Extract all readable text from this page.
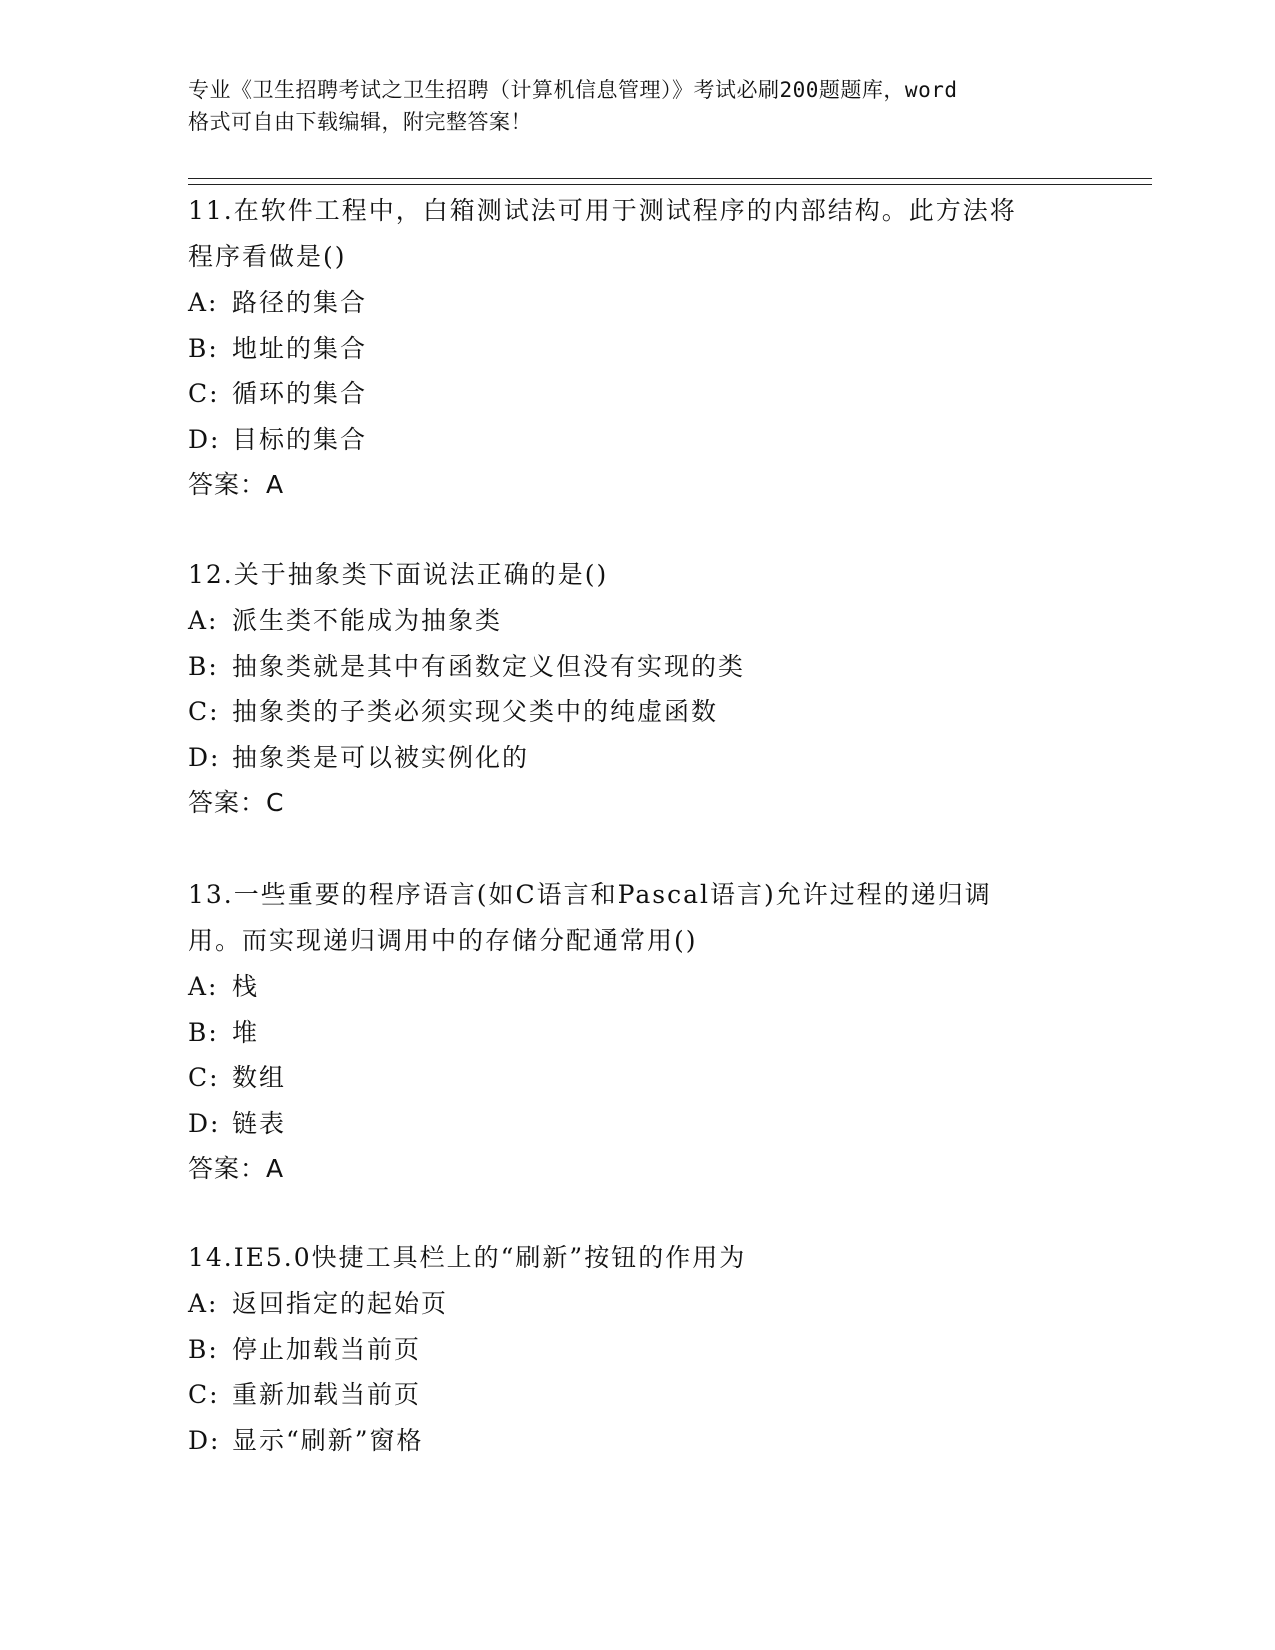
专业《卫生招聘考试之卫生招聘（计算机信息管理）》考试必刷200题题库，word
格式可自由下载编辑，附完整答案！
11.在软件工程中，白箱测试法可用于测试程序的内部结构。此方法将
程序看做是()
A: 路径的集合
B: 地址的集合
C: 循环的集合
D: 目标的集合
答案：A
12.关于抽象类下面说法正确的是()
A: 派生类不能成为抽象类
B: 抽象类就是其中有函数定义但没有实现的类
C: 抽象类的子类必须实现父类中的纯虚函数
D: 抽象类是可以被实例化的
答案：C
13.一些重要的程序语言(如C语言和Pascal语言)允许过程的递归调
用。而实现递归调用中的存储分配通常用()
A: 栈
B: 堆
C: 数组
D: 链表
答案：A
14.IE5.0快捷工具栏上的“刷新”按钮的作用为
A: 返回指定的起始页
B: 停止加载当前页
C: 重新加载当前页
D: 显示“刷新”窗格
